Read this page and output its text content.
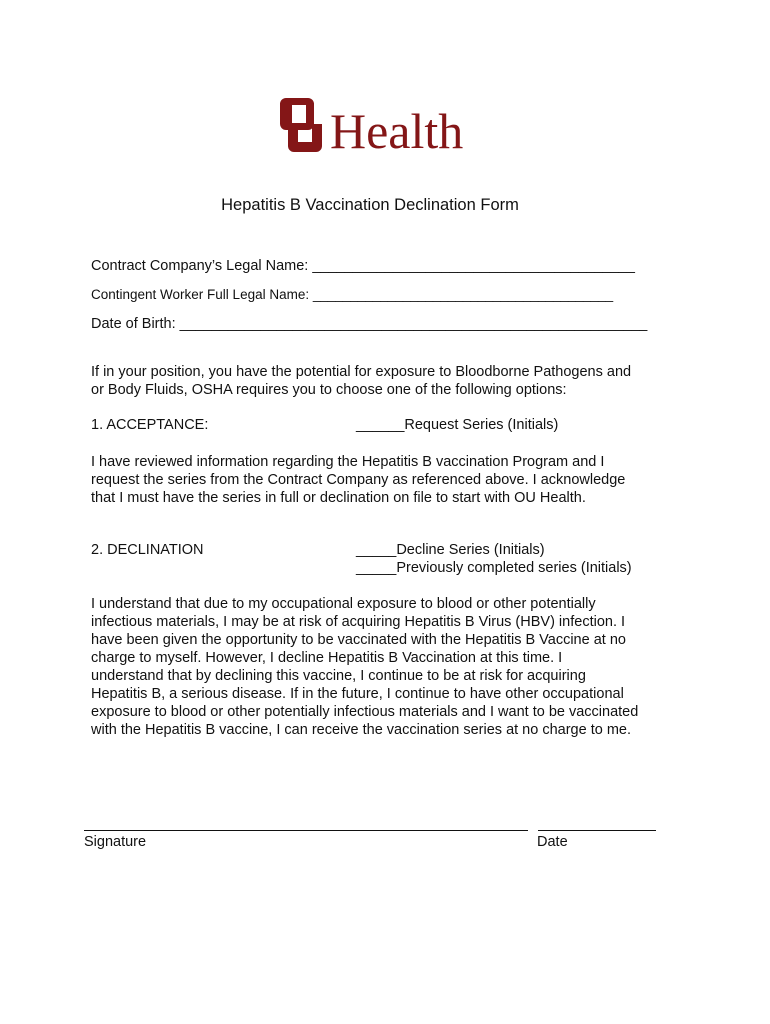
Health
Hepatitis B Vaccination Declination Form
Contract Company’s Legal Name: ________________________________________
Contingent Worker Full Legal Name: ________________________________________
Date of Birth: __________________________________________________________
If in your position, you have the potential for exposure to Bloodborne Pathogens and
or Body Fluids, OSHA requires you to choose one of the following options:
1. ACCEPTANCE:	______Request Series (Initials)
I have reviewed information regarding the Hepatitis B vaccination Program and I
request the series from the Contract Company as referenced above. I acknowledge
that I must have the series in full or declination on file to start with OU Health.
2. DECLINATION	_____Decline Series (Initials)
_____Previously completed series (Initials)
I understand that due to my occupational exposure to blood or other potentially
infectious materials, I may be at risk of acquiring Hepatitis B Virus (HBV) infection. I
have been given the opportunity to be vaccinated with the Hepatitis B Vaccine at no
charge to myself. However, I decline Hepatitis B Vaccination at this time. I
understand that by declining this vaccine, I continue to be at risk for acquiring
Hepatitis B, a serious disease. If in the future, I continue to have other occupational
exposure to blood or other potentially infectious materials and I want to be vaccinated
with the Hepatitis B vaccine, I can receive the vaccination series at no charge to me.
Signature	Date
